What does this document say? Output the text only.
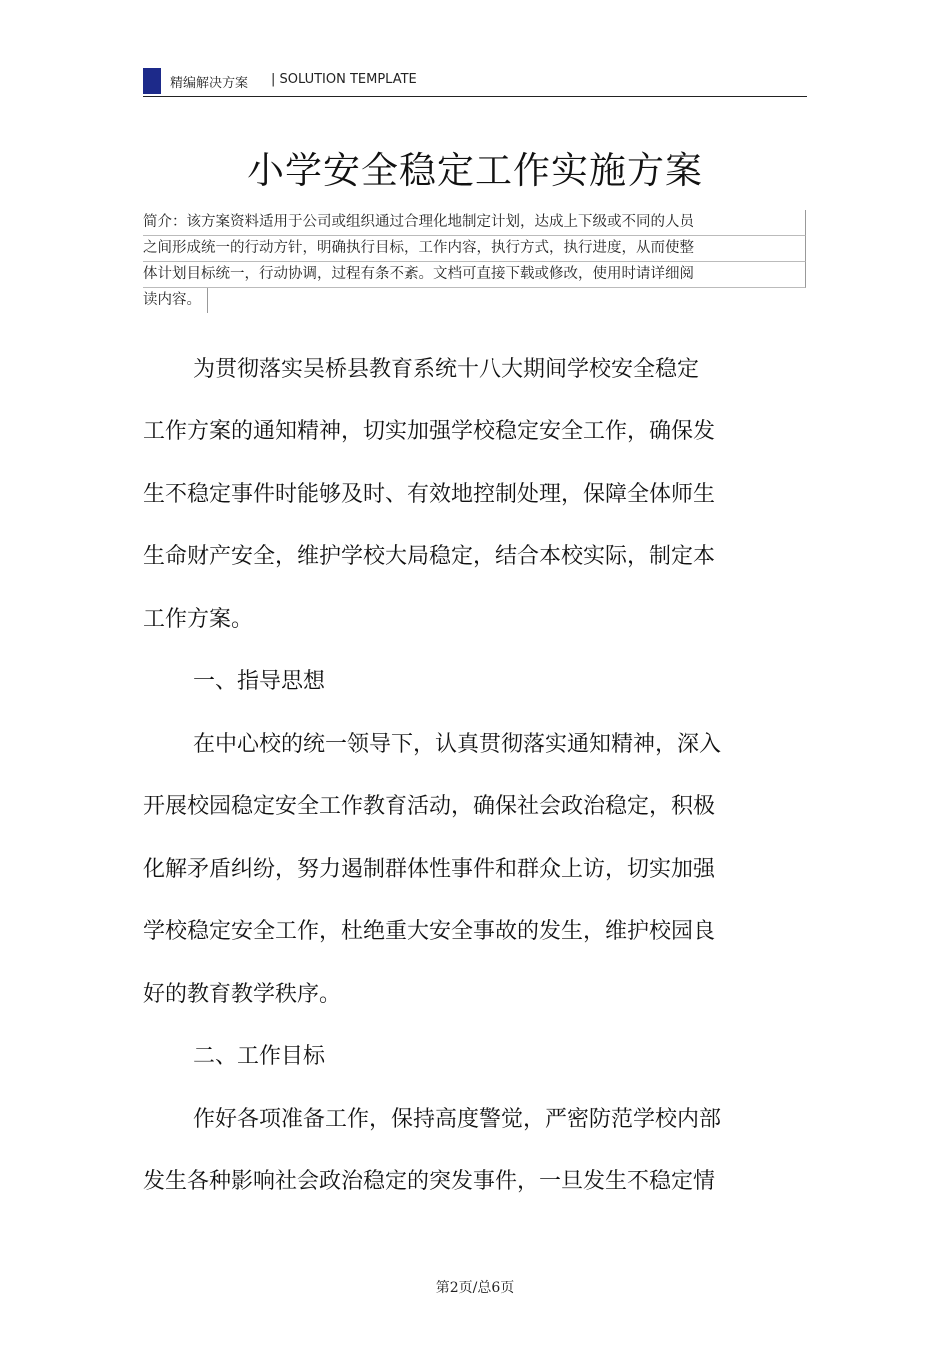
精编解决方案 | SOLUTION TEMPLATE
小学安全稳定工作实施方案
简介：该方案资料适用于公司或组织通过合理化地制定计划，达成上下级或不同的人员
之间形成统一的行动方针，明确执行目标，工作内容，执行方式，执行进度，从而使整
体计划目标统一，行动协调，过程有条不紊。文档可直接下载或修改，使用时请详细阅
读内容。
为贯彻落实吴桥县教育系统十八大期间学校安全稳定
工作方案的通知精神，切实加强学校稳定安全工作，确保发
生不稳定事件时能够及时、有效地控制处理，保障全体师生
生命财产安全，维护学校大局稳定，结合本校实际，制定本
工作方案。
一、指导思想
在中心校的统一领导下，认真贯彻落实通知精神，深入
开展校园稳定安全工作教育活动，确保社会政治稳定，积极
化解矛盾纠纷，努力遏制群体性事件和群众上访，切实加强
学校稳定安全工作，杜绝重大安全事故的发生，维护校园良
好的教育教学秩序。
二、工作目标
作好各项准备工作，保持高度警觉，严密防范学校内部
发生各种影响社会政治稳定的突发事件，一旦发生不稳定情
第2页/总6页
